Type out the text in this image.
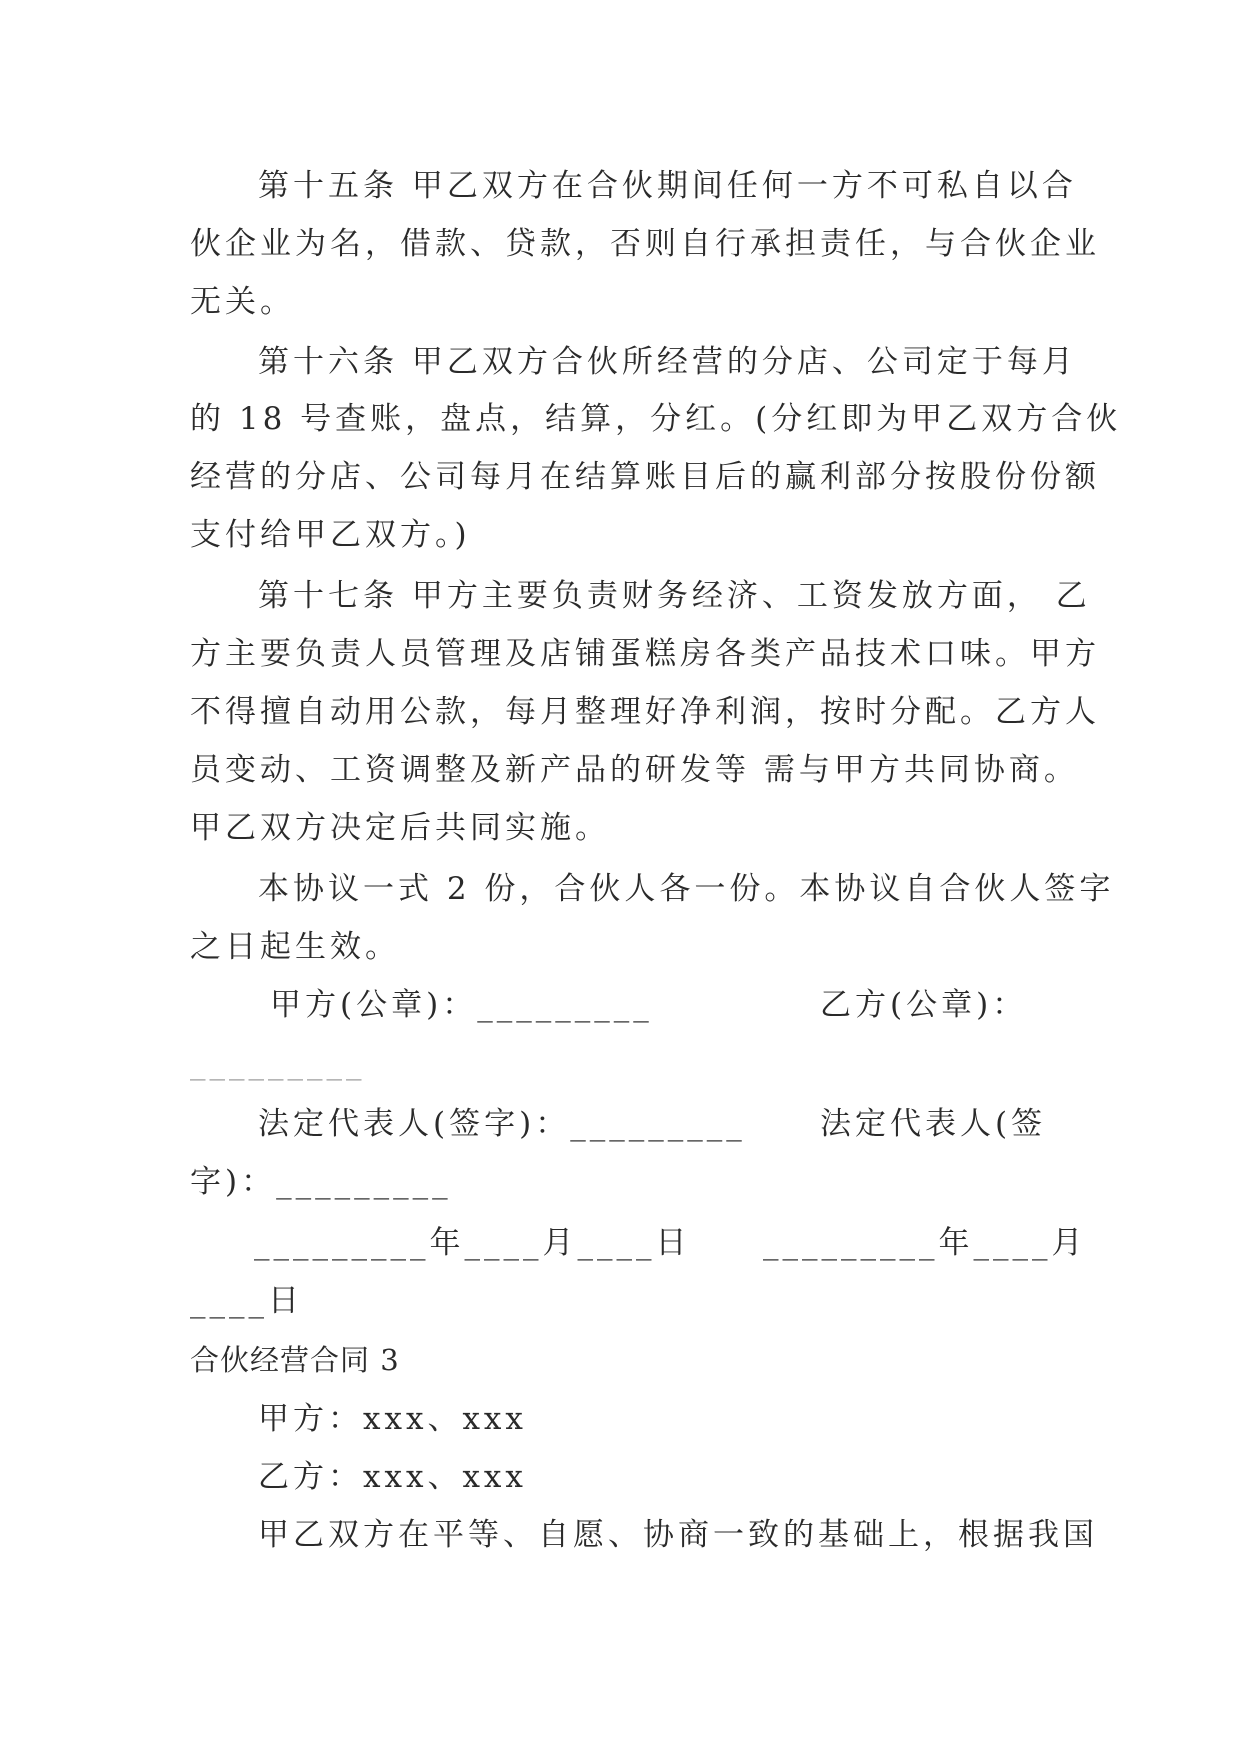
第十五条 甲乙双方在合伙期间任何一方不可私自以合
伙企业为名，借款、贷款，否则自行承担责任，与合伙企业
无关。
第十六条 甲乙双方合伙所经营的分店、公司定于每月
的 18 号查账，盘点，结算，分红。(分红即为甲乙双方合伙
经营的分店、公司每月在结算账目后的赢利部分按股份份额
支付给甲乙双方。)
第十七条 甲方主要负责财务经济、工资发放方面， 乙
方主要负责人员管理及店铺蛋糕房各类产品技术口味。甲方
不得擅自动用公款，每月整理好净利润，按时分配。乙方人
员变动、工资调整及新产品的研发等 需与甲方共同协商。
甲乙双方决定后共同实施。
本协议一式 2 份，合伙人各一份。本协议自合伙人签字
之日起生效。
甲方(公章)：_________	乙方(公章)：
_________
法定代表人(签字)：_________ 法定代表人(签
字)：_________
_________年____月____日 _________年____月
____日
合伙经营合同 3
甲方：xxx、xxx
乙方：xxx、xxx
甲乙双方在平等、自愿、协商一致的基础上，根据我国
